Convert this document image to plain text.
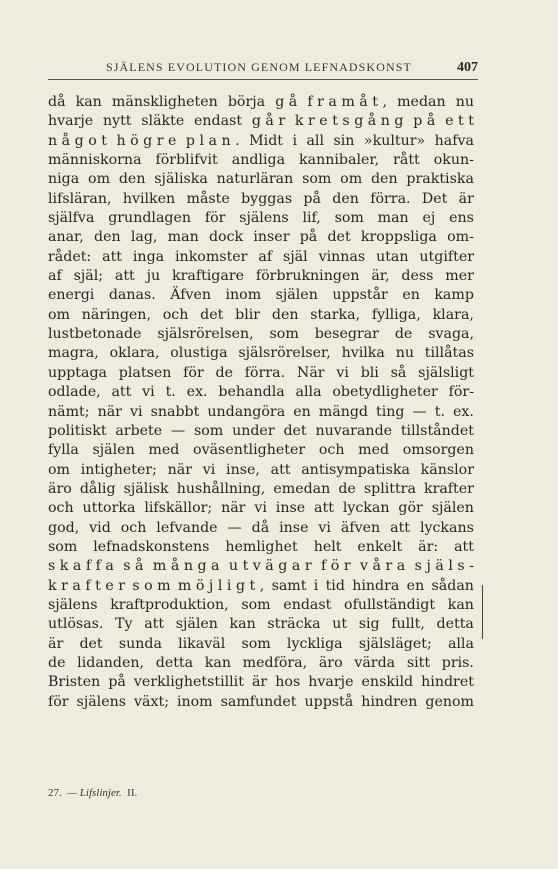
SJÄLENS EVOLUTION GENOM LEFNADSKONST	407
då kan mänskligheten börja g å f r a m å t , medan nu
hvarje nytt släkte endast g å r k r e t s g å n g p å e t t
n å g o t h ö g r e p l a n . Midt i all sin »kultur» hafva
människorna förblifvit andliga kannibaler, rått okun-
niga om den själiska naturläran som om den praktiska
lifsläran, hvilken måste byggas på den förra. Det är
själfva grundlagen för själens lif, som man ej ens
anar, den lag, man dock inser på det kroppsliga om-
rådet: att inga inkomster af själ vinnas utan utgifter
af själ; att ju kraftigare förbrukningen är, dess mer
energi danas. Äfven inom själen uppstår en kamp
om näringen, och det blir den starka, fylliga, klara,
lustbetonade själsrörelsen, som besegrar de svaga,
magra, oklara, olustiga själsrörelser, hvilka nu tillåtas
upptaga platsen för de förra. När vi bli så själsligt
odlade, att vi t. ex. behandla alla obetydligheter för-
nämt; när vi snabbt undangöra en mängd ting — t. ex.
politiskt arbete — som under det nuvarande tillståndet
fylla själen med oväsentligheter och med omsorgen
om intigheter; när vi inse, att antisympatiska känslor
äro dålig själisk hushållning, emedan de splittra krafter
och uttorka lifskällor; när vi inse att lyckan gör själen
god, vid och lefvande — då inse vi äfven att lyckans
som lefnadskonstens hemlighet helt enkelt är: att
s k a f f a s å m å n g a u t v ä g a r f ö r v å r a s j ä l s -
k r a f t e r s o m m ö j l i g t , samt i tid hindra en sådan
själens kraftproduktion, som endast ofullständigt kan
utlösas. Ty att själen kan sträcka ut sig fullt, detta
är det sunda likaväl som lyckliga själsläget; alla
de lidanden, detta kan medföra, äro värda sitt pris.
Bristen på verklighetstillit är hos hvarje enskild hindret
för själens växt; inom samfundet uppstå hindren genom
27. — Lifslinjer. II.
